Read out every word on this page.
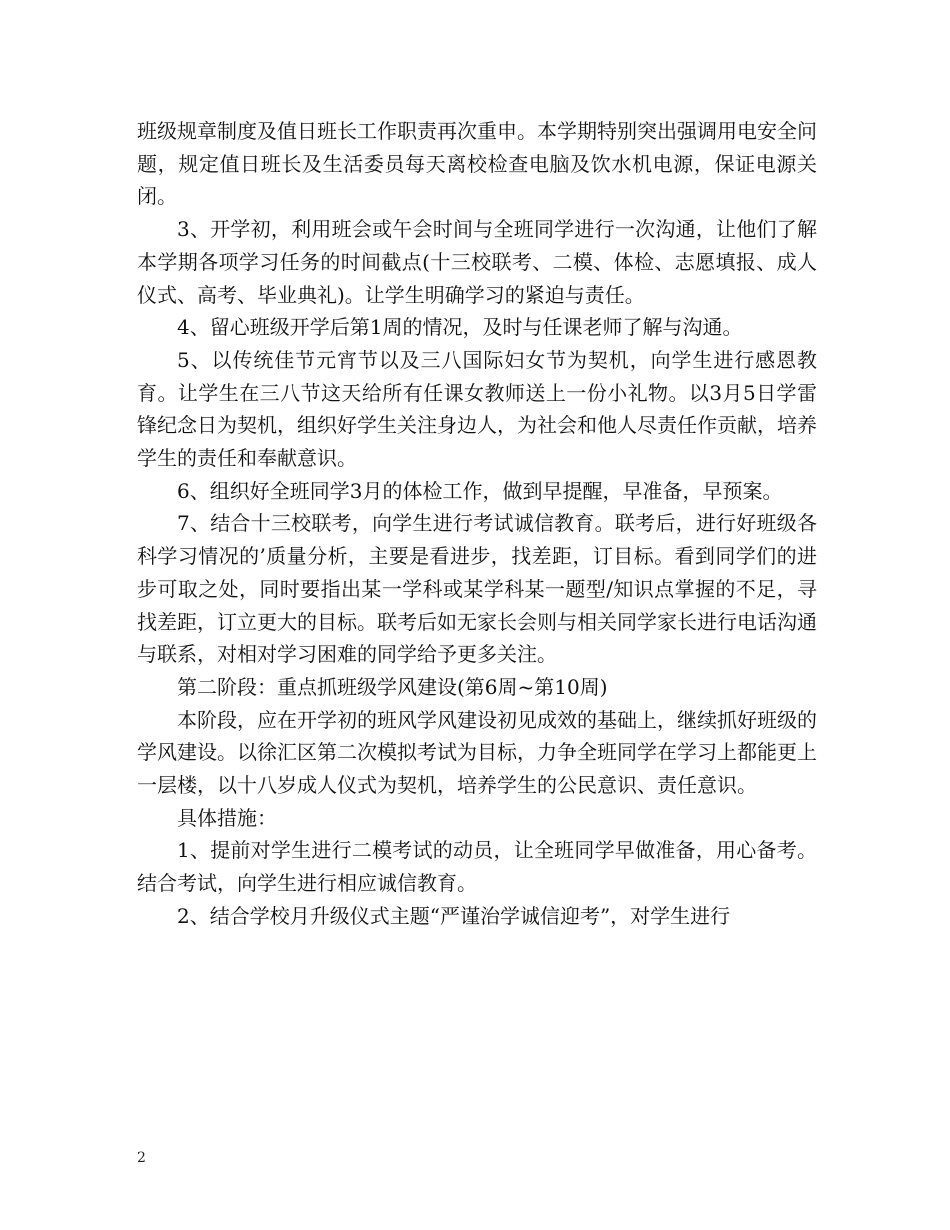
班级规章制度及值日班长工作职责再次重申。本学期特别突出强调用电安全问题，规定值日班长及生活委员每天离校检查电脑及饮水机电源，保证电源关闭。

3、开学初，利用班会或午会时间与全班同学进行一次沟通，让他们了解本学期各项学习任务的时间截点(十三校联考、二模、体检、志愿填报、成人仪式、高考、毕业典礼)。让学生明确学习的紧迫与责任。

4、留心班级开学后第1周的情况，及时与任课老师了解与沟通。

5、以传统佳节元宵节以及三八国际妇女节为契机，向学生进行感恩教育。让学生在三八节这天给所有任课女教师送上一份小礼物。以3月5日学雷锋纪念日为契机，组织好学生关注身边人，为社会和他人尽责任作贡献，培养学生的责任和奉献意识。

6、组织好全班同学3月的体检工作，做到早提醒，早准备，早预案。

7、结合十三校联考，向学生进行考试诚信教育。联考后，进行好班级各科学习情况的’质量分析，主要是看进步，找差距，订目标。看到同学们的进步可取之处，同时要指出某一学科或某学科某一题型/知识点掌握的不足，寻找差距，订立更大的目标。联考后如无家长会则与相关同学家长进行电话沟通与联系，对相对学习困难的同学给予更多关注。

第二阶段：重点抓班级学风建设(第6周~第10周)

本阶段，应在开学初的班风学风建设初见成效的基础上，继续抓好班级的学风建设。以徐汇区第二次模拟考试为目标，力争全班同学在学习上都能更上一层楼，以十八岁成人仪式为契机，培养学生的公民意识、责任意识。

具体措施：

1、提前对学生进行二模考试的动员，让全班同学早做准备，用心备考。结合考试，向学生进行相应诚信教育。

2、结合学校月升级仪式主题“严谨治学诚信迎考”，对学生进行

2
